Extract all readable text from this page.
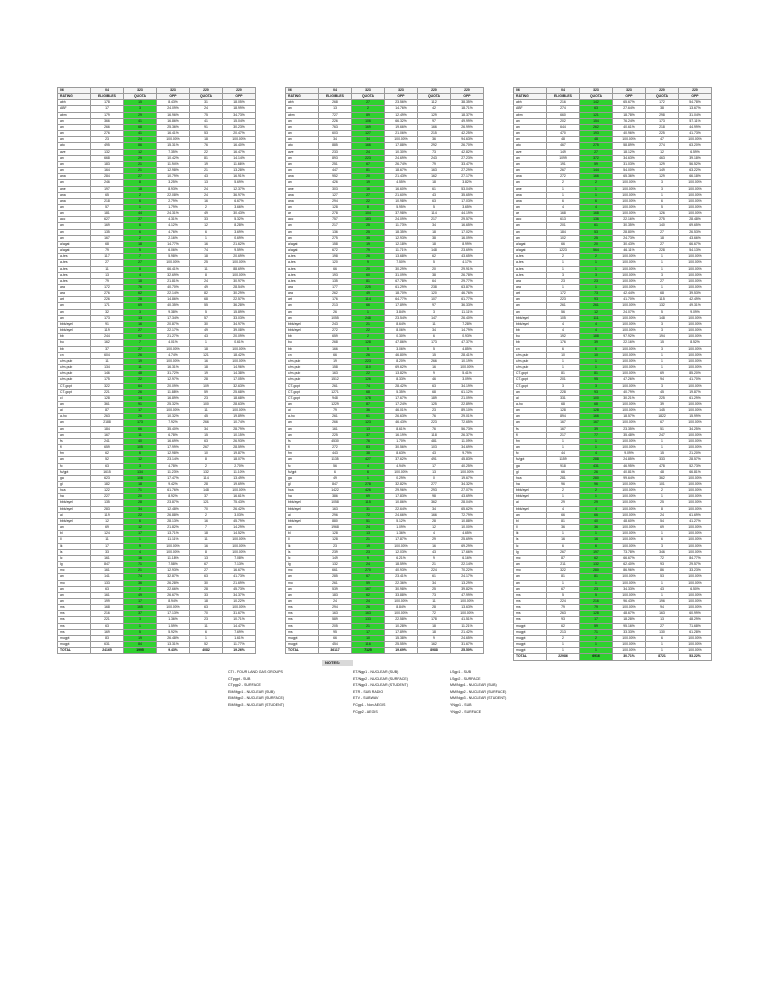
06	04	323	323	220	220
RATING	ELIGIBLES	QUOTA	OPP	QUOTA	OPP
abh	178	15	8.43%	31	18.05%
ABF	17	3	24.09%	24	18.99%
abm	179	29	16.96%	75	34.73%
an	366	41	16.86%	41	15.04%
an	266	68	25.36%	91	30.23%
an	276	41	16.41%	53	20.47%
an	23	24	100.00%	18	100.00%
ato	495	86	15.31%	76	16.40%
ave	132	12	7.35%	22	16.47%
an	668	29	10.42%	81	14.14%
an	183	21	11.94%	19	11.66%
an	164	21	12.98%	21	13.28%
ana	284	27	10.79%	43	16.91%
an	246	8	3.25%	13	5.69%
ane	197	18	8.93%	24	12.37%
ana	65	2	22.08%	24	36.97%
ana	218	6	2.79%	16	6.67%
an	57	1	1.79%	2	3.66%
an	181	44	24.31%	49	30.43%
acc	627	27	4.31%	33	5.32%
an	169	6	4.12%	12	8.28%
an	135	6	4.76%	6	3.69%
an	167	2	2.16%	1	0.69%
a/agat	68	18	14.77%	16	21.62%
a/agat	79	5	6.06%	74	9.59%
a-tes	117	7	5.98%	18	20.69%
a-tes	27	27	100.00%	25	100.00%
a-tes	11	8	66.41%	11	88.69%
a-tes	13	4	32.69%	8	100.00%
a-tes	79	18	21.81%	24	30.97%
ara	172	76	40.70%	49	28.54%
ara	276	62	22.14%	82	30.29%
art	226	28	14.86%	68	22.57%
an	171	69	40.35%	55	36.28%
an	32	3	9.38%	5	15.89%
an	173	13	17.34%	57	33.03%
bbb/ayel	91	16	20.87%	30	34.97%
bbb/ayel	119	27	22.17%	49	39.08%
bb	244	62	21.27%	43	20.09%
bu	162	7	4.01%	1	0.61%
bb	37	27	100.00%	18	100.00%
cn	604	26	4.74%	121	18.42%
c/m-pub	11	19	100.00%	16	100.00%
c/m-pub	134	11	16.31%	18	14.96%
c/m-pub	146	48	31.72%	19	14.38%
c/m-pub	175	22	12.97%	28	17.05%
CT-gcpt	322	64	20.09%	109	32.63%
CT-gcpt	221	26	11.88%	59	25.68%
cl	128	14	16.89%	23	18.68%
an	361	91	25.32%	100	28.63%
ai	87	17	100.00%	11	100.00%
a-ho	263	26	10.32%	45	19.89%
an	2188	173	7.92%	266	10.74%
an	184	66	35.40%	34	28.79%
an	167	11	6.78%	15	10.15%
fs	241	40	16.69%	63	26.93%
fl	659	105	17.99%	267	28.59%
fm	62	6	12.98%	10	19.87%
an	52	12	23.14%	8	18.07%
fc	63	3	4.78%	2	2.70%
fc/gpt	1615	134	11.23%	132	11.10%
ga	623	108	17.47%	114	13.49%
gl	182	18	9.42%	28	19.69%
hca	122	71	61.76%	148	100.00%
ha	227	20	8.92%	37	16.61%
bbb/ayel	135	28	23.87%	121	75.43%
bbb/ayel	283	34	12.48%	70	26.42%
ai	119	22	26.88%	2	3.03%
bbb/ayel	12	6	28.13%	16	45.79%
an	69	12	21.82%	7	14.29%
bl	124	17	13.71%	18	14.52%
ll	11	1	11.11%	11	100.00%
lk	17	9	100.00%	16	100.00%
ls	33	4	100.00%	8	100.00%
lc	161	16	11.18%	13	7.08%
lg	847	71	7.58%	67	7.13%
mc	161	21	12.93%	27	16.67%
an	141	74	32.87%	63	41.73%
mo	133	36	26.28%	30	21.69%
an	63	2	22.66%	28	45.73%
an	161	49	26.67%	33	34.37%
an	199	17	8.94%	18	10.22%
ms	168	165	100.00%	63	100.00%
ms	216	37	17.13%	70	31.67%
ms	221	3	1.36%	23	10.71%
ms	63	1	1.59%	11	14.47%
ms	169	5	5.92%	6	7.69%
mugpt	83	19	26.48%	1	1.61%
mugpt	631	84	13.31%	52	11.77%
TOTAL	24165	1995	9.43%	4082	19.26%
06	04	323	323	220	220
RATING	ELIGIBLES	QUOTA	OPP	QUOTA	OPP
abh	268	27	23.56%	112	38.35%
an	13	2	14.76%	42	18.71%
abm	727	89	12.49%	129	18.37%
an	226	106	66.32%	97	49.99%
an	763	169	19.66%	166	26.99%
an	603	127	21.06%	215	42.25%
an	34	34	100.00%	36	94.63%
ato	885	166	17.88%	292	26.70%
ave	233	24	10.30%	73	42.82%
an	893	223	24.69%	243	27.23%
an	251	67	26.74%	79	33.47%
an	447	81	18.67%	163	27.29%
ana	952	20	21.43%	162	27.17%
an	426	19	4.55%	18	3.82%
ane	303	16	16.60%	61	53.04%
ana	127	27	21.60%	43	35.65%
ana	294	22	10.98%	63	17.03%
an	128	8	5.95%	5	3.65%
ar	278	104	37.98%	114	44.19%
acc	757	183	24.09%	217	29.57%
an	217	25	11.73%	34	16.65%
an	136	25	18.35%	18	17.02%
an	275	35	12.93%	38	16.09%
a/agat	158	19	12.18%	18	8.99%
a/agat	672	79	11.71%	148	23.69%
a-tes	198	26	13.68%	62	43.65%
a-tes	120	9	7.50%	5	4.17%
a-tes	66	20	30.29%	20	29.91%
a-tes	193	60	31.09%	38	26.78%
a-tes	135	81	67.78%	64	29.77%
ara	177	225	61.29%	238	63.87%
ara	262	49	18.70%	120	46.76%
art	176	114	64.77%	107	61.77%
an	213	66	17.89%	97	36.33%
an	26	1	3.84%	3	11.11%
an	1055	248	23.54%	147	26.40%
bbb/ayel	243	21	8.64%	11	7.28%
bbb/ayel	272	22	8.06%	34	14.79%
bb	659	2	0.30%	6	0.93%
bu	268	128	47.86%	173	47.37%
bb	166	5	3.06%	5	4.85%
cn	66	26	46.80%	15	28.41%
c/m-pub	19	223	8.20%	266	10.19%
c/m-pub	158	110	69.62%	16	100.00%
c/m-pub	163	22	13.82%	9	5.41%
c/m-pub	1512	126	8.33%	46	3.09%
CT-gcpt	261	74	28.42%	63	34.19%
CT-gcpt	1271	68	5.35%	68	61.12%
CT-gcpt	948	178	17.67%	189	21.09%
an	1229	87	17.24%	125	22.89%
ai	79	36	46.01%	23	89.10%
a-ho	261	61	26.63%	76	29.01%
an	266	123	46.43%	223	72.65%
an	161	13	8.61%	76	56.73%
an	225	37	16.19%	118	26.37%
fs	4530	76	1.70%	481	11.09%
fl	272	83	30.56%	103	34.69%
fm	443	38	8.63%	43	9.79%
an	1135	427	37.62%	491	45.83%
fc	56	4	4.94%	17	40.25%
fc/gpt	6	6	100.00%	13	100.00%
ga	49	1	0.29%	0	19.67%
gl	847	278	32.82%	277	34.32%
hca	1422	426	29.96%	293	27.07%
ha	386	69	17.83%	98	43.69%
bbb/ayel	1058	115	10.86%	362	28.04%
bbb/ayel	163	31	22.64%	34	65.62%
ai	296	72	24.66%	166	72.79%
bbb/ayel	880	51	5.12%	28	10.88%
an	1968	24	1.09%	12	10.00%
bl	128	13	1.36%	4	4.65%
ll	128	21	17.87%	29	25.69%
lk	23	19	100.00%	16	69.29%
ls	239	23	12.03%	43	17.66%
lc	149	9	6.21%	9	6.16%
lg	132	24	18.59%	21	22.14%
mc	661	270	40.93%	224	70.22%
an	285	67	23.41%	61	24.17%
mo	261	59	22.36%	34	13.29%
an	539	167	30.98%	25	39.82%
an	183	62	33.88%	73	47.99%
an	24	24	100.00%	11	100.00%
ms	294	26	8.84%	28	13.63%
ms	163	163	100.00%	72	100.00%
ms	589	133	22.58%	178	41.51%
ms	205	21	10.28%	18	11.21%
ms	95	17	17.89%	18	21.42%
mugpt	66	10	15.38%	9	24.65%
mugpt	454	116	25.55%	162	31.67%
TOTAL	36117	7125	19.69%	8988	25.50%
06	04	323	323	220	220
RATING	ELIGIBLES	QUOTA	OPP	QUOTA	OPP
abh	216	142	65.67%	172	54.78%
ABF	274	63	27.64%	38	13.67%
abm	660	121	18.78%	298	31.04%
an	202	154	76.24%	173	57.11%
an	644	262	40.61%	218	44.99%
an	470	193	40.96%	225	41.73%
an	48	48	100.00%	47	100.00%
ato	467	275	58.89%	274	63.20%
ave	149	27	18.12%	12	6.59%
an	1099	372	34.63%	463	39.18%
an	191	59	31.03%	129	56.52%
an	267	144	54.00%	149	63.22%
ana	272	166	65.36%	129	66.18%
an	2	2	100.00%	3	100.00%
ane	1	1	100.00%	3	100.00%
ana	1	1	100.00%	1	100.00%
ana	6	6	100.00%	6	100.00%
an	4	4	100.00%	5	100.00%
ar	168	168	100.00%	126	100.00%
acc	613	136	22.16%	275	28.48%
an	201	61	30.35%	140	69.65%
an	184	53	28.80%	27	26.53%
an	102	25	24.73%	18	43.66%
a/agat	66	20	30.43%	27	66.67%
a/agat	1223	564	46.11%	228	54.13%
a-tes	2	2	100.00%	1	100.00%
a-tes	1	1	100.00%	1	100.00%
a-tes	1	1	100.00%	1	100.00%
a-tes	3	3	100.00%	3	100.00%
ara	23	23	100.00%	27	100.00%
ara	1	1	100.00%	1	100.00%
art	172	73	42.44%	68	39.53%
an	223	93	41.70%	115	42.49%
an	261	261	100.00%	132	49.31%
an	56	12	24.07%	5	9.09%
bbb/ayel	105	111	100.00%	148	100.00%
bbb/ayel	4	4	100.00%	3	100.00%
bb	4	4	100.00%	3	100.00%
bu	192	188	97.92%	194	100.00%
bb	176	39	22.16%	15	8.52%
cn	6	6	100.00%	3	100.00%
c/m-pub	10	10	100.00%	1	100.00%
c/m-pub	1	1	100.00%	1	100.00%
c/m-pub	1	1	100.00%	1	100.00%
CT-gcpt	81	81	100.00%	69	85.20%
CT-gcpt	201	95	47.26%	94	41.70%
CT-gcpt	3	3	100.00%	3	100.00%
an	228	93	40.79%	45	19.87%
ai	331	100	30.21%	225	61.29%
a-ho	68	68	100.00%	39	100.00%
an	128	128	100.00%	145	100.00%
an	894	166	18.57%	1822	15.99%
an	167	167	100.00%	67	100.00%
fs	167	39	23.35%	51	34.25%
fl	217	77	35.48%	247	100.00%
fm	1	1	100.00%	1	100.00%
an	1	1	100.00%	1	100.00%
fc	44	4	9.09%	15	21.20%
fc/gpt	1159	288	24.85%	333	28.57%
ga	918	431	46.95%	478	52.73%
gl	66	26	40.81%	48	66.81%
hca	281	280	99.64%	362	100.00%
ha	96	96	100.00%	101	100.00%
bbb/ayel	2	2	100.00%	2	100.00%
bbb/ayel	1	1	100.00%	1	100.00%
ai	29	29	100.00%	25	100.00%
bbb/ayel	4	4	100.00%	8	100.00%
an	66	66	100.00%	24	61.69%
bl	81	40	48.60%	54	41.27%
ll	36	36	100.00%	69	100.00%
lk	1	1	100.00%	1	100.00%
ls	16	16	100.00%	6	100.00%
lc	6	6	100.00%	3	100.00%
lg	267	197	73.78%	346	100.00%
mc	87	62	66.67%	72	84.77%
an	211	132	62.40%	93	29.57%
mo	322	280	86.96%	86	33.23%
an	81	81	100.00%	53	100.00%
an	1	1	100.00%	1	100.00%
an	67	23	34.33%	43	6.50%
ms	5	5	100.00%	1	100.00%
ms	224	216	96.43%	196	100.00%
ms	79	79	100.00%	94	100.00%
ms	263	128	48.67%	163	60.99%
ms	93	17	18.28%	13	48.29%
mugpt	62	59	95.16%	27	71.68%
mugpt	213	71	33.33%	130	61.28%
mugpt	2	2	100.00%	6	100.00%
mugpt	1	1	100.00%	1	100.00%
mugpt	1	1	100.00%	1	100.00%
TOTAL	22986	6916	30.71%	8721	53.22%
NOTES:
CTI - FOUR LAND GAS GROUPS
CTpgpt - SUB
CTpgp2 - SURFACE
EM/Mgp1 - NUCLEAR (SUB)
EM/Mgp2 - NUCLEAR (SURFACE)
EM/Mgp3 - NUCLEAR (STUDENT)
ET/Ngp1 - NUCLEAR (SUB)
ET/Ngp2 - NUCLEAR (SURFACE)
ET/Ngp3 - NUCLEAR (STUDENT)
ETR - SUB RADIO
ETV - SUBWAV
FCgp1 - Non AEGIS
FCgp2 - AEGIS
LSgp1 - SUB
LSgp2 - SURFACE
MM/Ngp1 - NUCLEAR (SUB)
MM/Ngp2 - NUCLEAR (SURFACE)
MM/Ngp3 - NUCLEAR (STUDENT)
YNgp1 - SUB
YNgp2 - SURFACE
